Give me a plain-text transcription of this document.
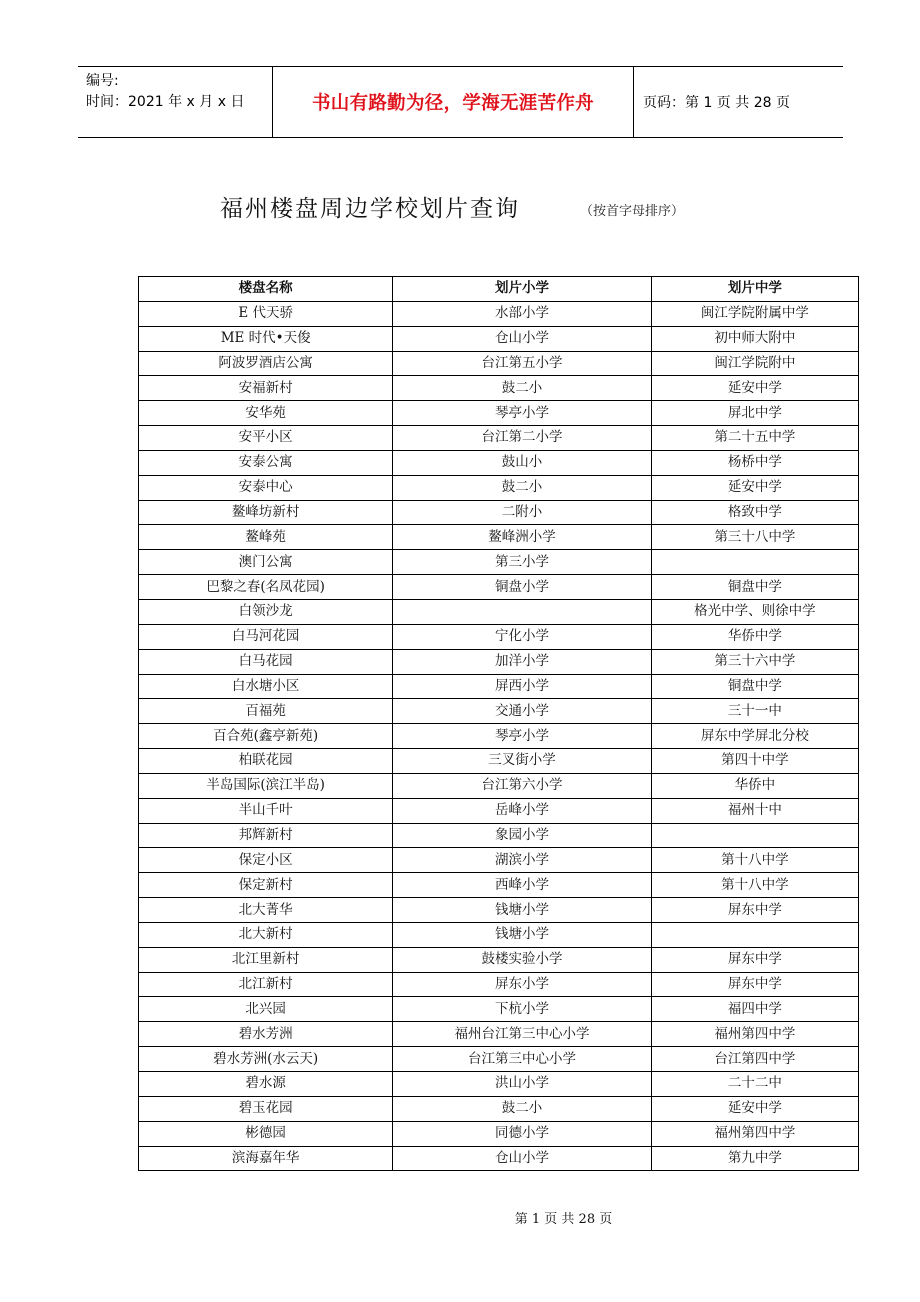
编号:
时间：2021 年 x 月 x 日	书山有路勤为径，学海无涯苦作舟	页码：第 1 页 共 28 页
福州楼盘周边学校划片查询	（按首字母排序）
楼盘名称	划片小学	划片中学
E 代天骄	水部小学	闽江学院附属中学
ME 时代•天俊	仓山小学	初中师大附中
阿波罗酒店公寓	台江第五小学	闽江学院附中
安福新村	鼓二小	延安中学
安华苑	琴亭小学	屏北中学
安平小区	台江第二小学	第二十五中学
安泰公寓	鼓山小	杨桥中学
安泰中心	鼓二小	延安中学
鳌峰坊新村	二附小	格致中学
鳌峰苑	鳌峰洲小学	第三十八中学
澳门公寓	第三小学	
巴黎之春(名凤花园)	铜盘小学	铜盘中学
白领沙龙		格光中学、则徐中学
白马河花园	宁化小学	华侨中学
白马花园	加洋小学	第三十六中学
白水塘小区	屏西小学	铜盘中学
百福苑	交通小学	三十一中
百合苑(鑫亭新苑)	琴亭小学	屏东中学屏北分校
柏联花园	三叉街小学	第四十中学
半岛国际(滨江半岛)	台江第六小学	华侨中
半山千叶	岳峰小学	福州十中
邦辉新村	象园小学	
保定小区	湖滨小学	第十八中学
保定新村	西峰小学	第十八中学
北大菁华	钱塘小学	屏东中学
北大新村	钱塘小学	
北江里新村	鼓楼实验小学	屏东中学
北江新村	屏东小学	屏东中学
北兴园	下杭小学	福四中学
碧水芳洲	福州台江第三中心小学	福州第四中学
碧水芳洲(水云天)	台江第三中心小学	台江第四中学
碧水源	洪山小学	二十二中
碧玉花园	鼓二小	延安中学
彬德园	同德小学	福州第四中学
滨海嘉年华	仓山小学	第九中学
第 1 页 共 28 页
